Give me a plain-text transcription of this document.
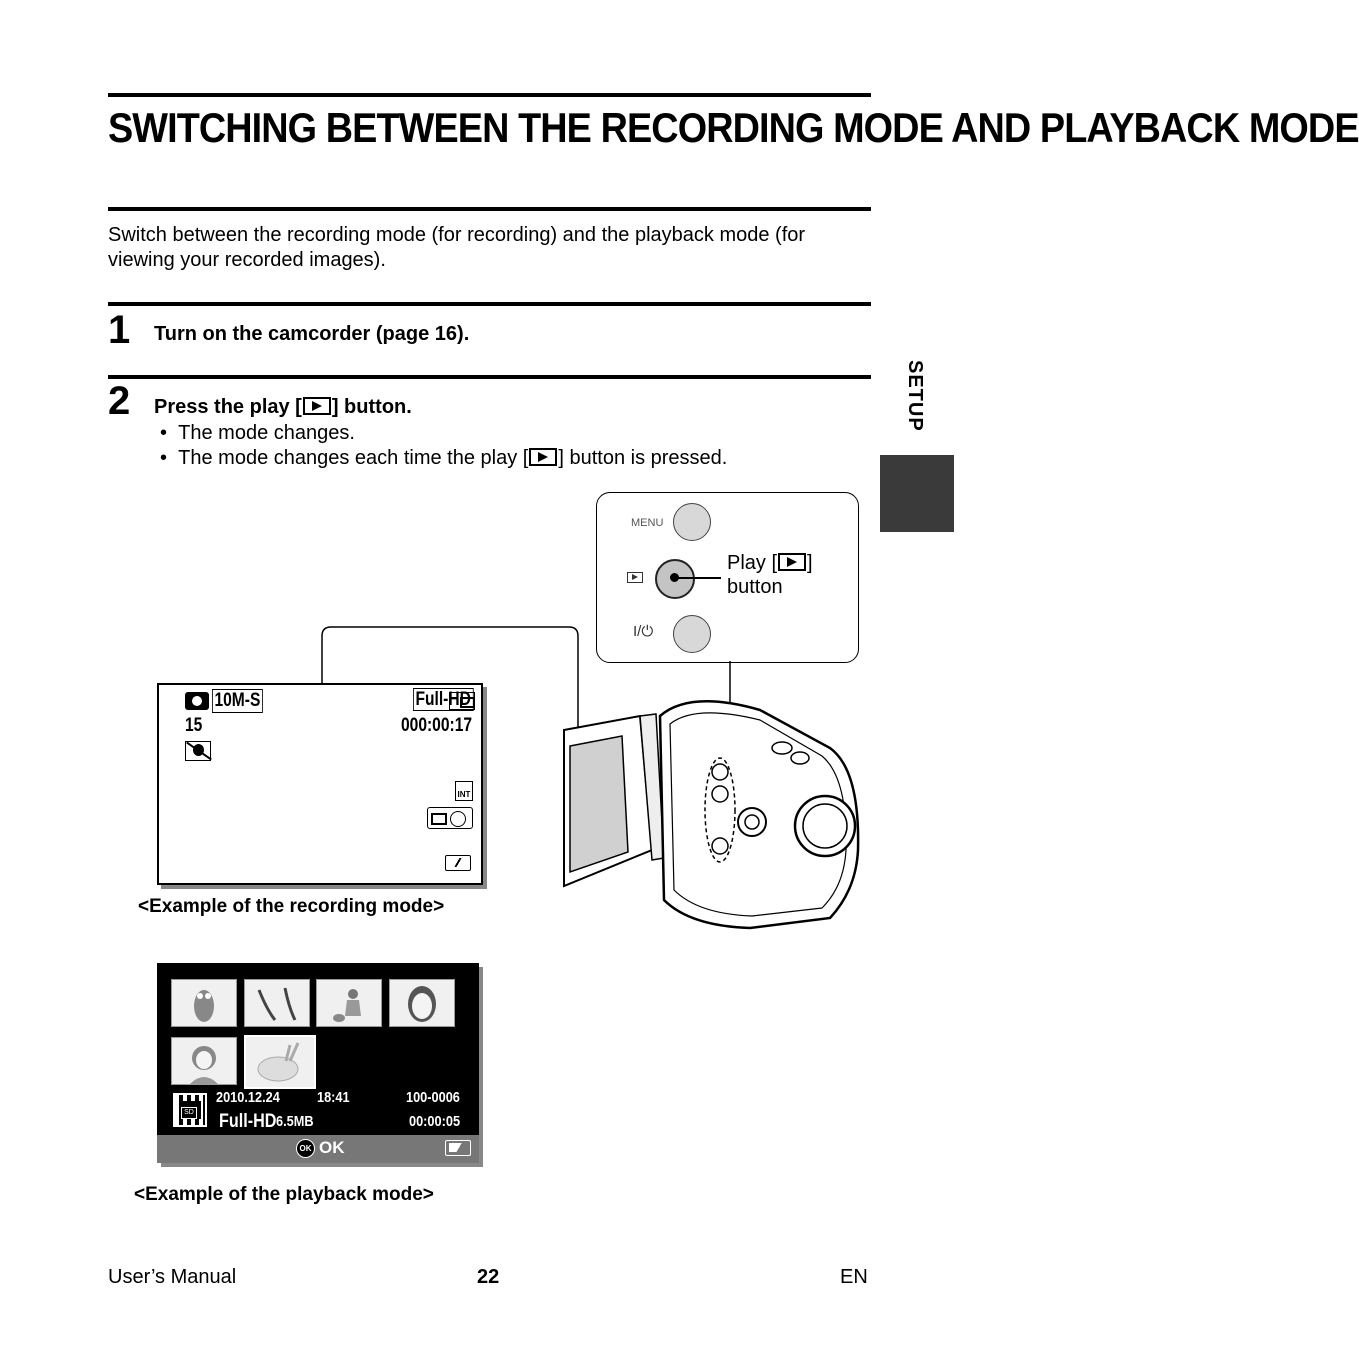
SWITCHING BETWEEN THE RECORDING MODE AND PLAYBACK MODE
Switch between the recording mode (for recording) and the playback mode (for viewing your recorded images).
SETUP
1 Turn on the camcorder (page 16).
2 Press the play [ ] button.
• The mode changes.
• The mode changes each time the play [ ] button is pressed.
MENU
Play [ ]
button
I/⏻
10M-S
15
Full-HD
000:00:17
INT
<Example of the recording mode>
SD
2010.12.24 18:41	100-0006
Full-HD 6.5MB	00:00:05
OK OK
<Example of the playback mode>
User’s Manual	22	EN
